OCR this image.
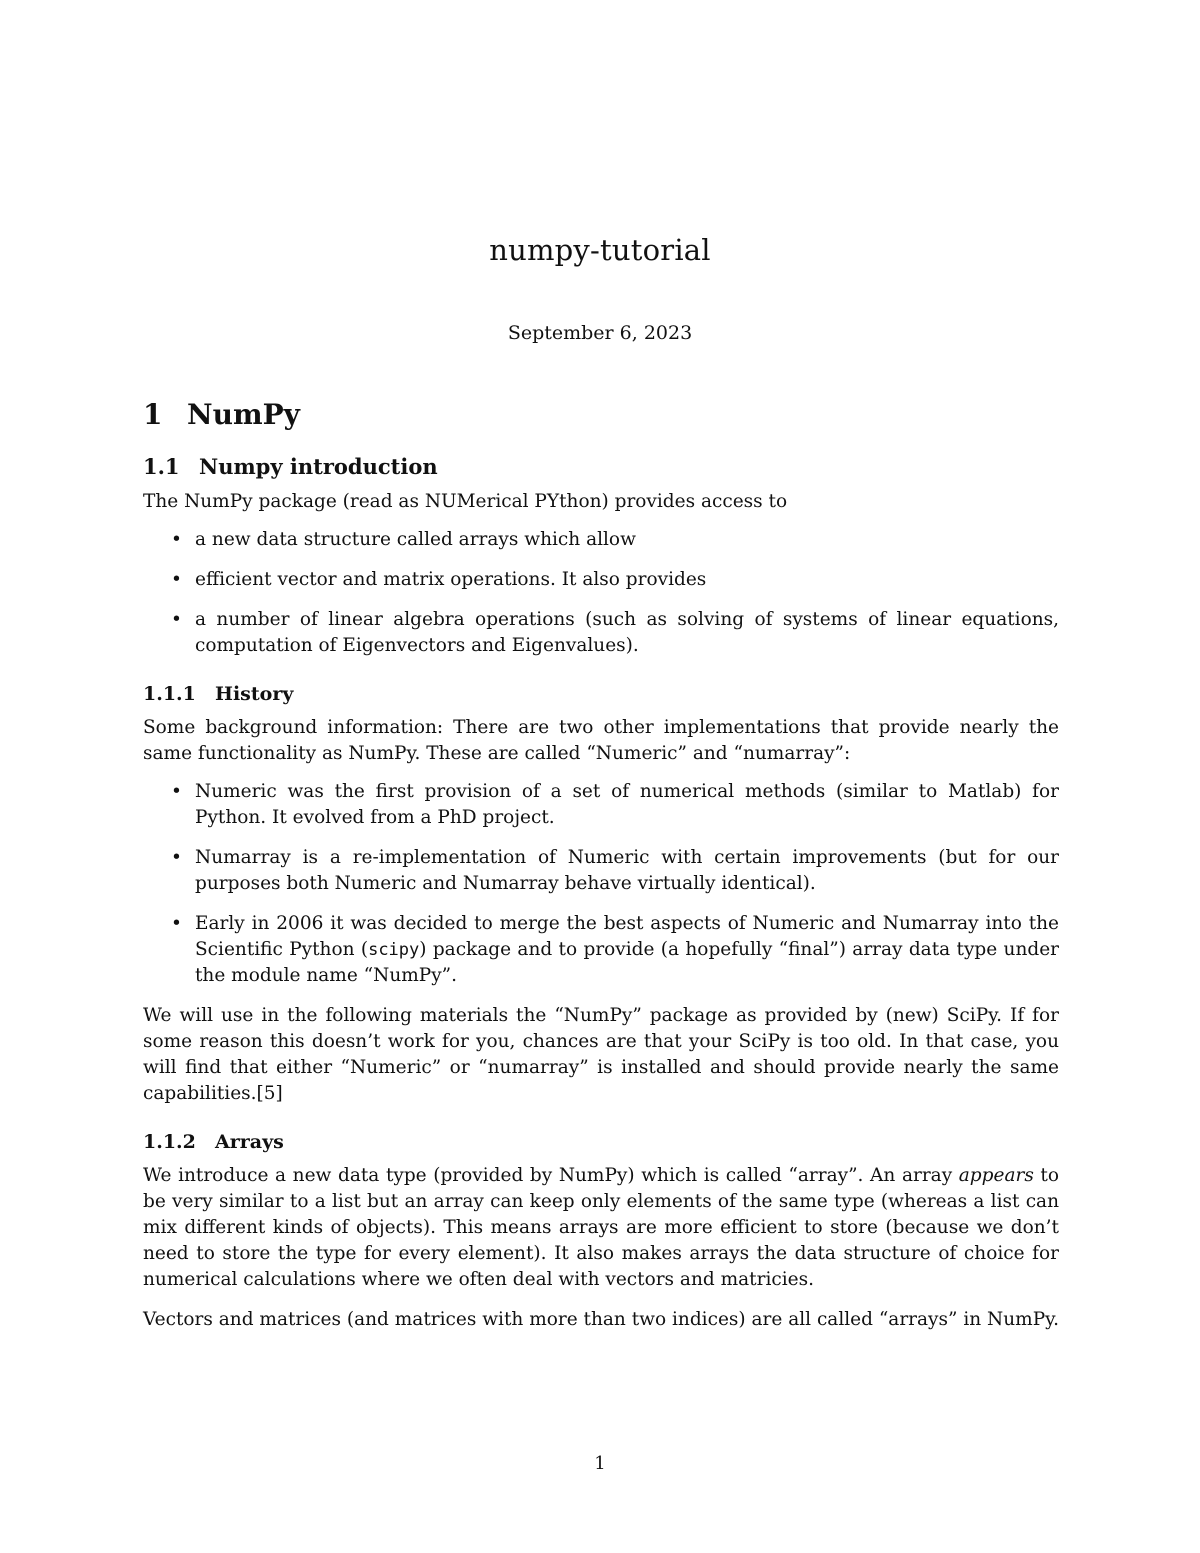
numpy-tutorial
September 6, 2023
1 NumPy
1.1 Numpy introduction

The NumPy package (read as NUMerical PYthon) provides access to

• a new data structure called arrays which allow
• efficient vector and matrix operations. It also provides
• a number of linear algebra operations (such as solving of systems of linear equations, computation of Eigenvectors and Eigenvalues).
1.1.1 History

Some background information: There are two other implementations that provide nearly the same functionality as NumPy. These are called “Numeric” and “numarray”:

• Numeric was the first provision of a set of numerical methods (similar to Matlab) for Python. It evolved from a PhD project.
• Numarray is a re-implementation of Numeric with certain improvements (but for our purposes both Numeric and Numarray behave virtually identical).
• Early in 2006 it was decided to merge the best aspects of Numeric and Numarray into the Scientific Python (scipy) package and to provide (a hopefully “final”) array data type under the module name “NumPy”.

We will use in the following materials the “NumPy” package as provided by (new) SciPy. If for some reason this doesn’t work for you, chances are that your SciPy is too old. In that case, you will find that either “Numeric” or “numarray” is installed and should provide nearly the same capabilities.[5]

1.1.2 Arrays

We introduce a new data type (provided by NumPy) which is called “array”. An array appears to be very similar to a list but an array can keep only elements of the same type (whereas a list can mix different kinds of objects). This means arrays are more efficient to store (because we don’t need to store the type for every element). It also makes arrays the data structure of choice for numerical calculations where we often deal with vectors and matricies.

Vectors and matrices (and matrices with more than two indices) are all called “arrays” in NumPy.

1
